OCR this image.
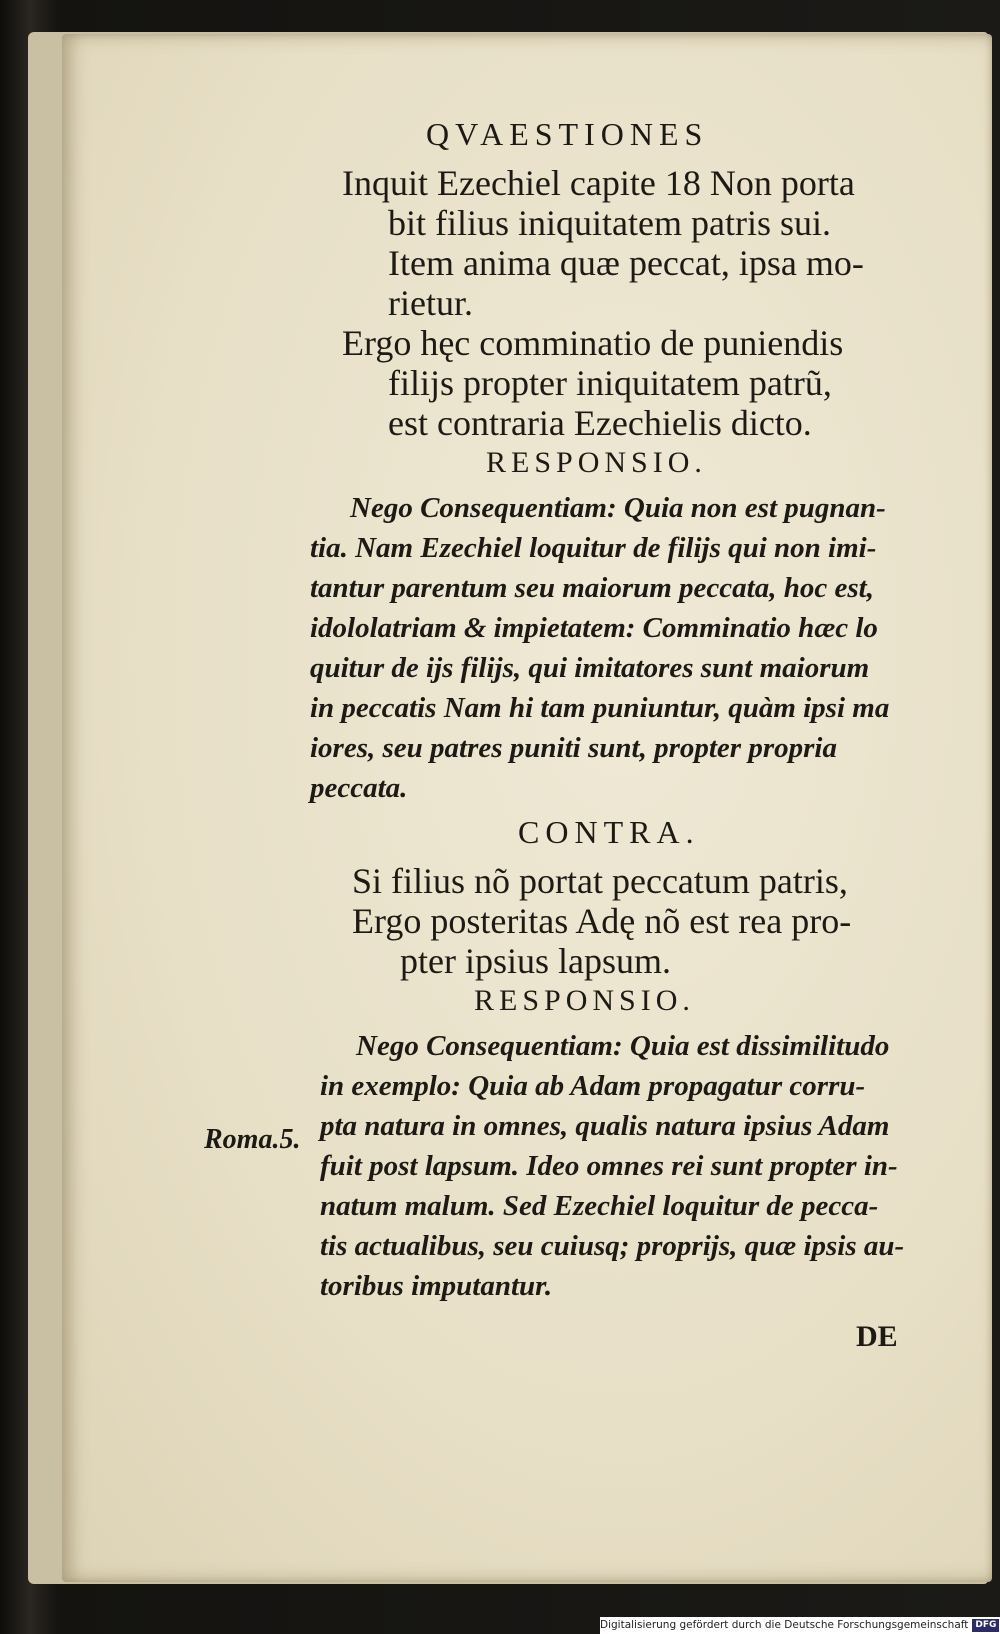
QVAESTIONES
Inquit Ezechiel capite 18 Non porta
bit filius iniquitatem patris sui.
Item anima quæ peccat, ipsa mo-
rietur.
Ergo hęc comminatio de puniendis
filijs propter iniquitatem patrũ,
est contraria Ezechielis dicto.
RESPONSIO.
Nego Consequentiam: Quia non est pugnan-
tia. Nam Ezechiel loquitur de filijs qui non imi-
tantur parentum seu maiorum peccata, hoc est,
idololatriam & impietatem: Comminatio hæc lo
quitur de ijs filijs, qui imitatores sunt maiorum
in peccatis Nam hi tam puniuntur, quàm ipsi ma
iores, seu patres puniti sunt, propter propria
peccata.
CONTRA.
Si filius nõ portat peccatum patris,
Ergo posteritas Adę nõ est rea pro-
pter ipsius lapsum.
RESPONSIO.
Nego Consequentiam: Quia est dissimilitudo
in exemplo: Quia ab Adam propagatur corru-
pta natura in omnes, qualis natura ipsius Adam
fuit post lapsum. Ideo omnes rei sunt propter in-
natum malum. Sed Ezechiel loquitur de pecca-
tis actualibus, seu cuiusq; proprijs, quæ ipsis au-
toribus imputantur.
Roma.5.
DE
Digitalisierung gefördert durch die Deutsche Forschungsgemeinschaft DFG
